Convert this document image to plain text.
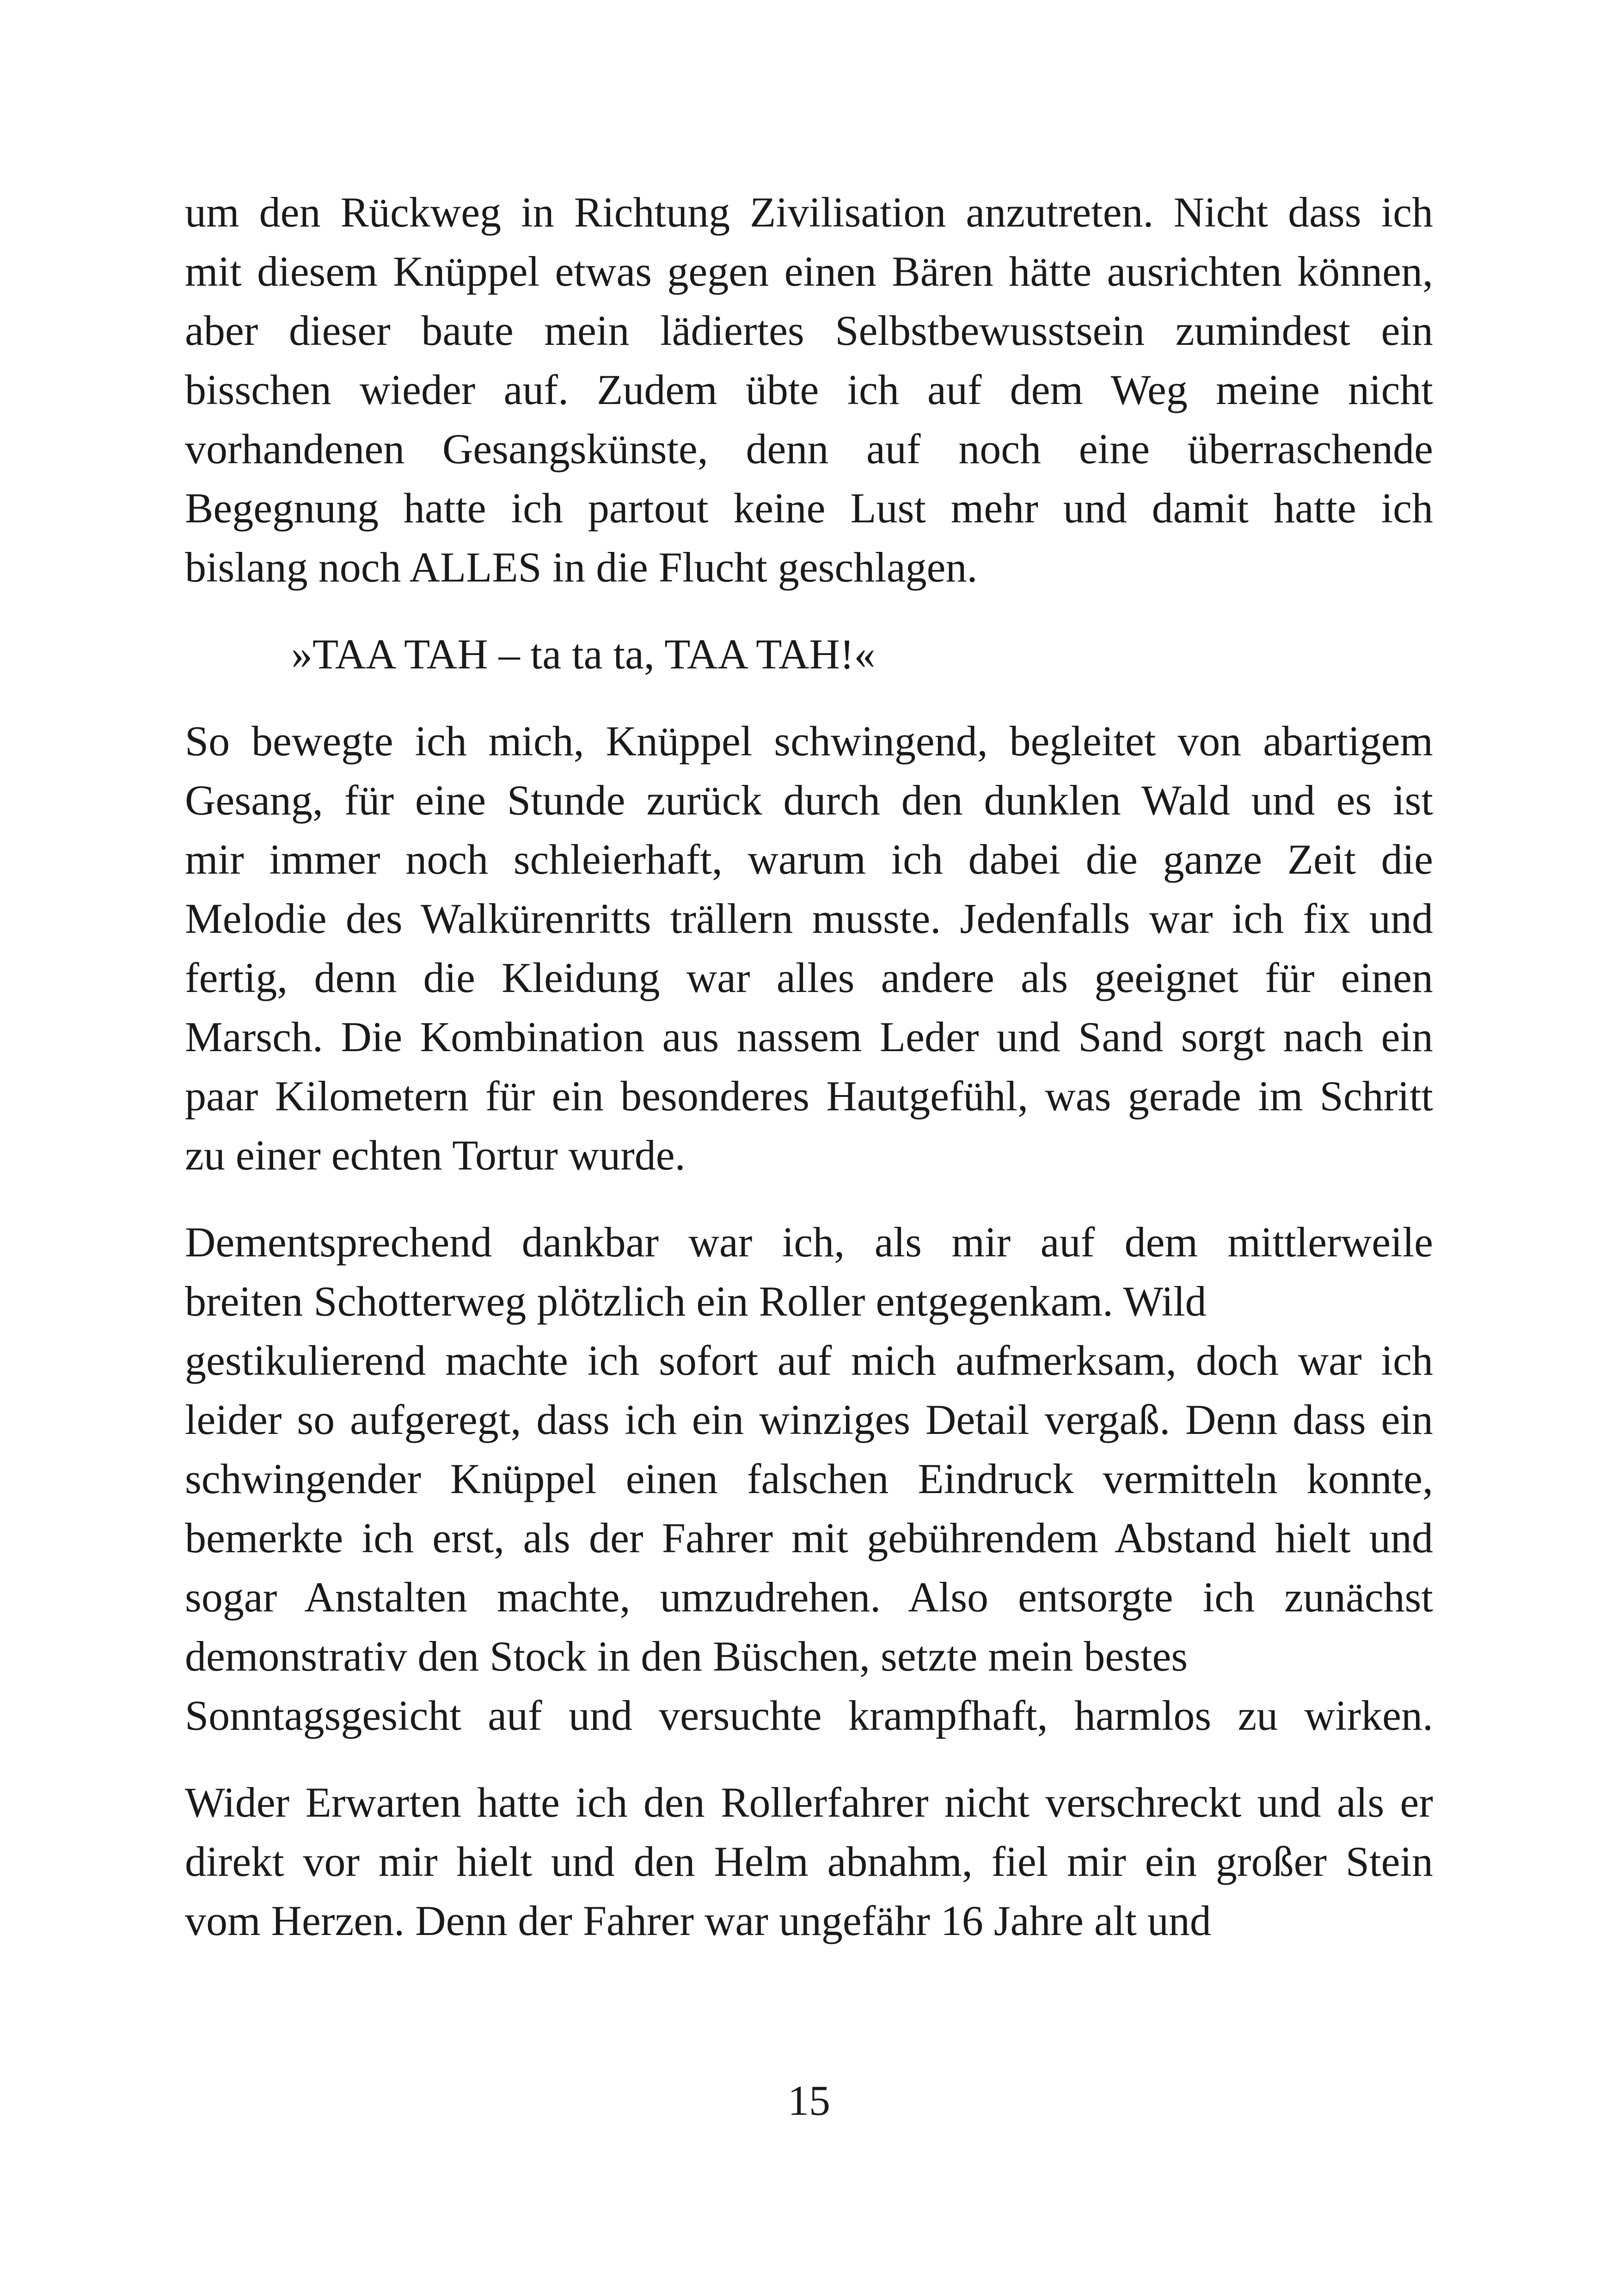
um den Rückweg in Richtung Zivilisation anzutreten. Nicht dass ich
mit diesem Knüppel etwas gegen einen Bären hätte ausrichten können,
aber dieser baute mein lädiertes Selbstbewusstsein zumindest ein
bisschen wieder auf. Zudem übte ich auf dem Weg meine nicht
vorhandenen Gesangskünste, denn auf noch eine überraschende
Begegnung hatte ich partout keine Lust mehr und damit hatte ich
bislang noch ALLES in die Flucht geschlagen.
»TAA TAH – ta ta ta, TAA TAH!«
So bewegte ich mich, Knüppel schwingend, begleitet von abartigem
Gesang, für eine Stunde zurück durch den dunklen Wald und es ist
mir immer noch schleierhaft, warum ich dabei die ganze Zeit die
Melodie des Walkürenritts trällern musste. Jedenfalls war ich fix und
fertig, denn die Kleidung war alles andere als geeignet für einen
Marsch. Die Kombination aus nassem Leder und Sand sorgt nach ein
paar Kilometern für ein besonderes Hautgefühl, was gerade im Schritt
zu einer echten Tortur wurde.
Dementsprechend dankbar war ich, als mir auf dem mittlerweile
breiten Schotterweg plötzlich ein Roller entgegenkam. Wild
gestikulierend machte ich sofort auf mich aufmerksam, doch war ich
leider so aufgeregt, dass ich ein winziges Detail vergaß. Denn dass ein
schwingender Knüppel einen falschen Eindruck vermitteln konnte,
bemerkte ich erst, als der Fahrer mit gebührendem Abstand hielt und
sogar Anstalten machte, umzudrehen. Also entsorgte ich zunächst
demonstrativ den Stock in den Büschen, setzte mein bestes
Sonntagsgesicht auf und versuchte krampfhaft, harmlos zu wirken.
Wider Erwarten hatte ich den Rollerfahrer nicht verschreckt und als er
direkt vor mir hielt und den Helm abnahm, fiel mir ein großer Stein
vom Herzen. Denn der Fahrer war ungefähr 16 Jahre alt und
15
